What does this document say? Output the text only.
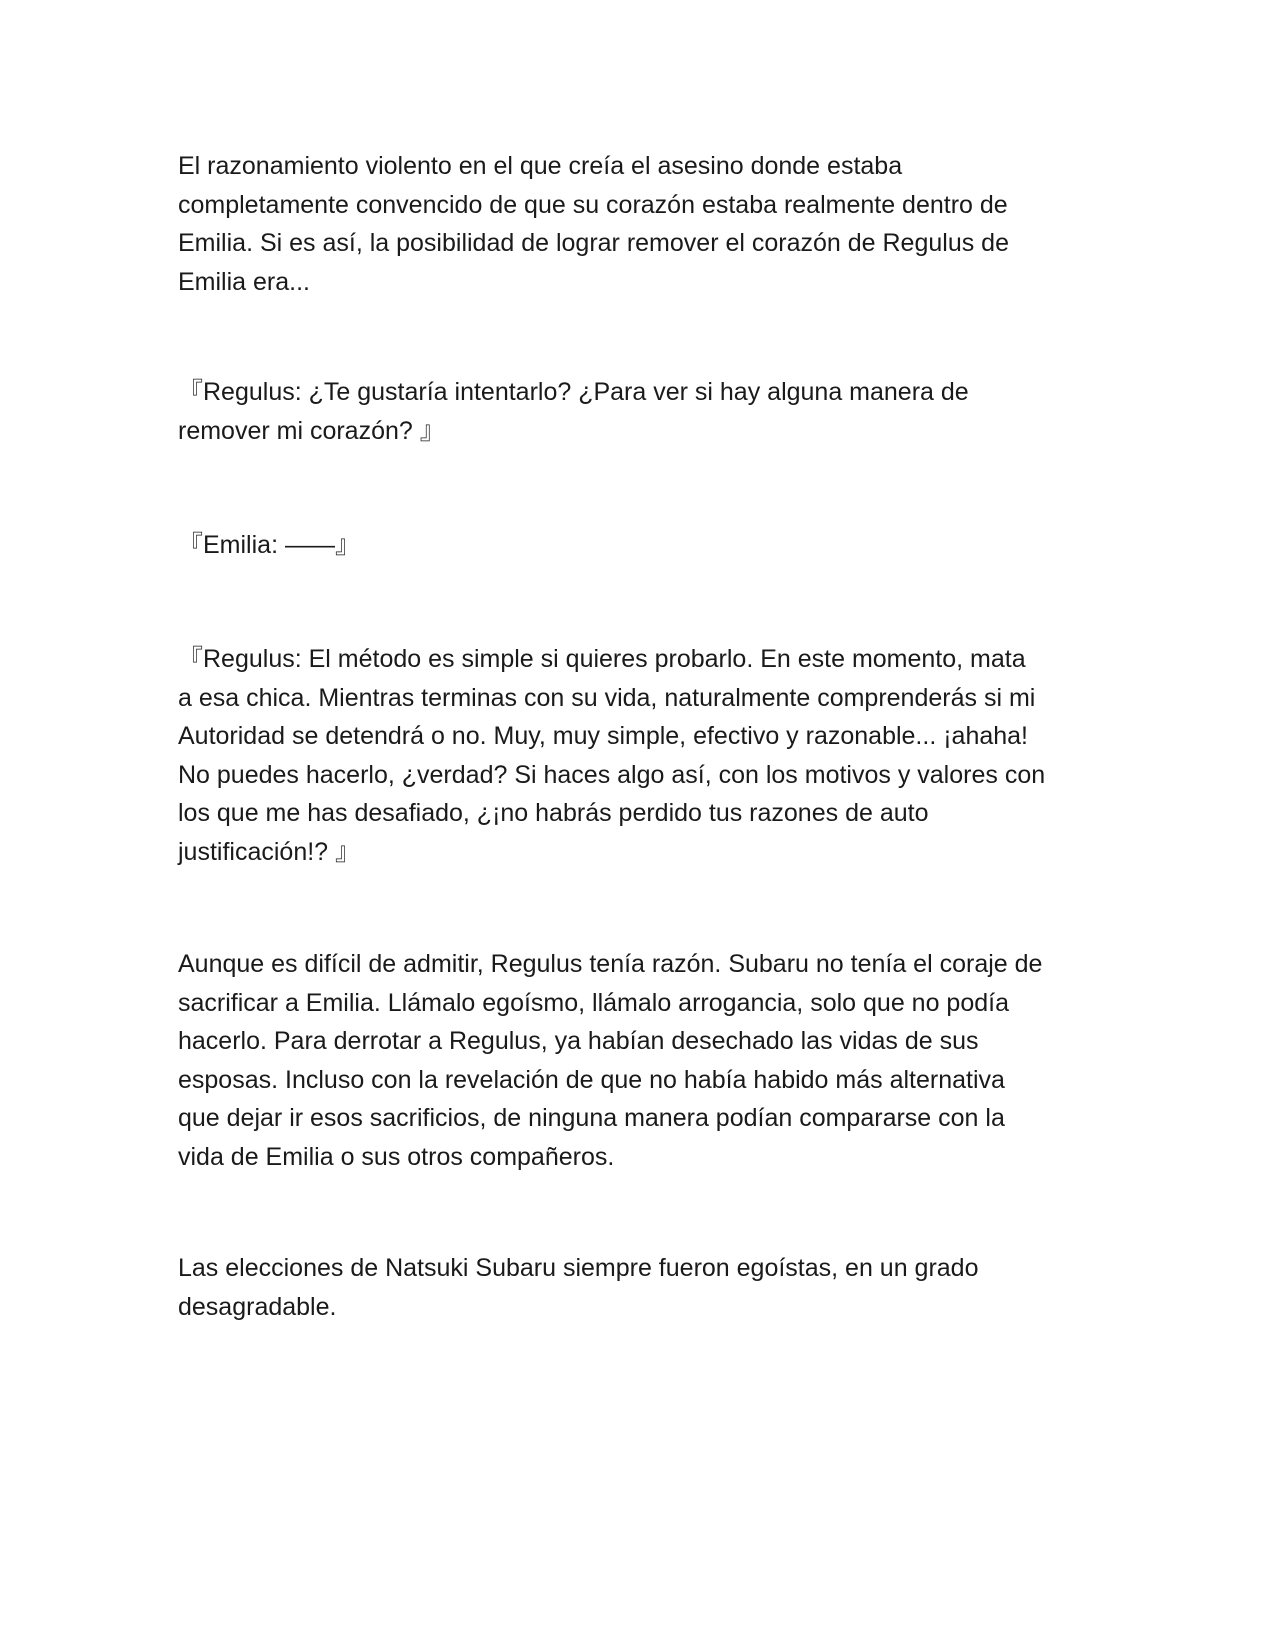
El razonamiento violento en el que creía el asesino donde estaba
completamente convencido de que su corazón estaba realmente dentro de
Emilia. Si es así, la posibilidad de lograr remover el corazón de Regulus de
Emilia era...

『Regulus: ¿Te gustaría intentarlo? ¿Para ver si hay alguna manera de
remover mi corazón? 』

『Emilia: ——』

『Regulus: El método es simple si quieres probarlo. En este momento, mata
a esa chica. Mientras terminas con su vida, naturalmente comprenderás si mi
Autoridad se detendrá o no. Muy, muy simple, efectivo y razonable... ¡ahaha!
No puedes hacerlo, ¿verdad? Si haces algo así, con los motivos y valores con
los que me has desafiado, ¿¡no habrás perdido tus razones de auto
justificación!? 』

Aunque es difícil de admitir, Regulus tenía razón. Subaru no tenía el coraje de
sacrificar a Emilia. Llámalo egoísmo, llámalo arrogancia, solo que no podía
hacerlo. Para derrotar a Regulus, ya habían desechado las vidas de sus
esposas. Incluso con la revelación de que no había habido más alternativa
que dejar ir esos sacrificios, de ninguna manera podían compararse con la
vida de Emilia o sus otros compañeros.

Las elecciones de Natsuki Subaru siempre fueron egoístas, en un grado
desagradable.
